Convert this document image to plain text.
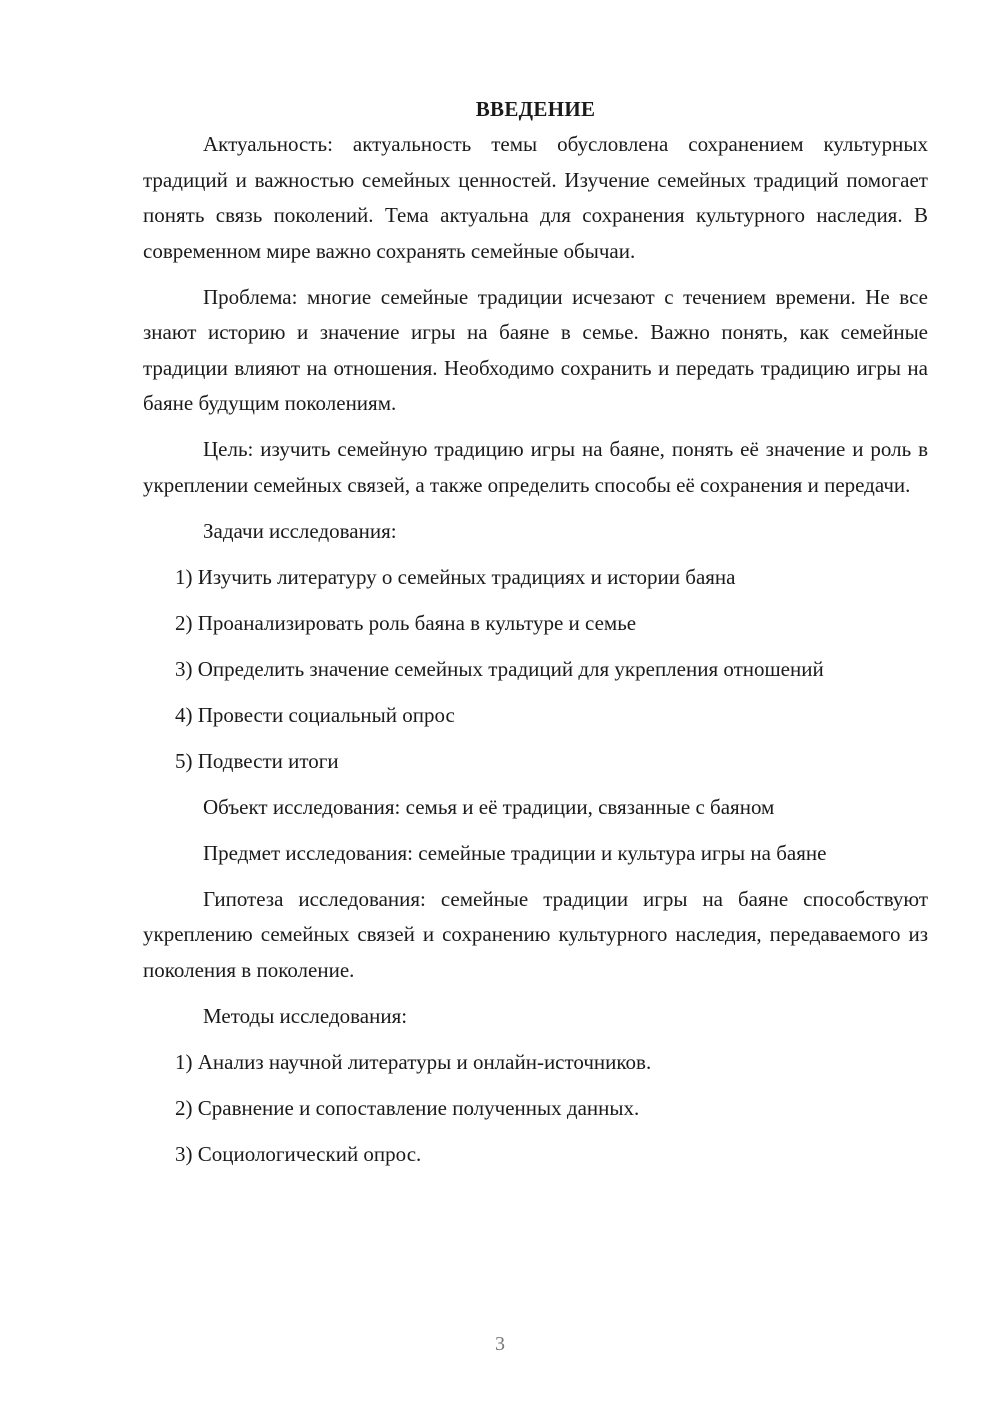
ВВЕДЕНИЕ

Актуальность: актуальность темы обусловлена сохранением культурных традиций и важностью семейных ценностей. Изучение семейных традиций помогает понять связь поколений. Тема актуальна для сохранения культурного наследия. В современном мире важно сохранять семейные обычаи.

Проблема: многие семейные традиции исчезают с течением времени. Не все знают историю и значение игры на баяне в семье. Важно понять, как семейные традиции влияют на отношения. Необходимо сохранить и передать традицию игры на баяне будущим поколениям.

Цель: изучить семейную традицию игры на баяне, понять её значение и роль в укреплении семейных связей, а также определить способы её сохранения и передачи.

Задачи исследования:

1) Изучить литературу о семейных традициях и истории баяна

2) Проанализировать роль баяна в культуре и семье

3) Определить значение семейных традиций для укрепления отношений

4) Провести социальный опрос

5) Подвести итоги

Объект исследования: семья и её традиции, связанные с баяном

Предмет исследования: семейные традиции и культура игры на баяне

Гипотеза исследования: семейные традиции игры на баяне способствуют укреплению семейных связей и сохранению культурного наследия, передаваемого из поколения в поколение.

Методы исследования:

1) Анализ научной литературы и онлайн-источников.

2) Сравнение и сопоставление полученных данных.

3) Социологический опрос.

3
